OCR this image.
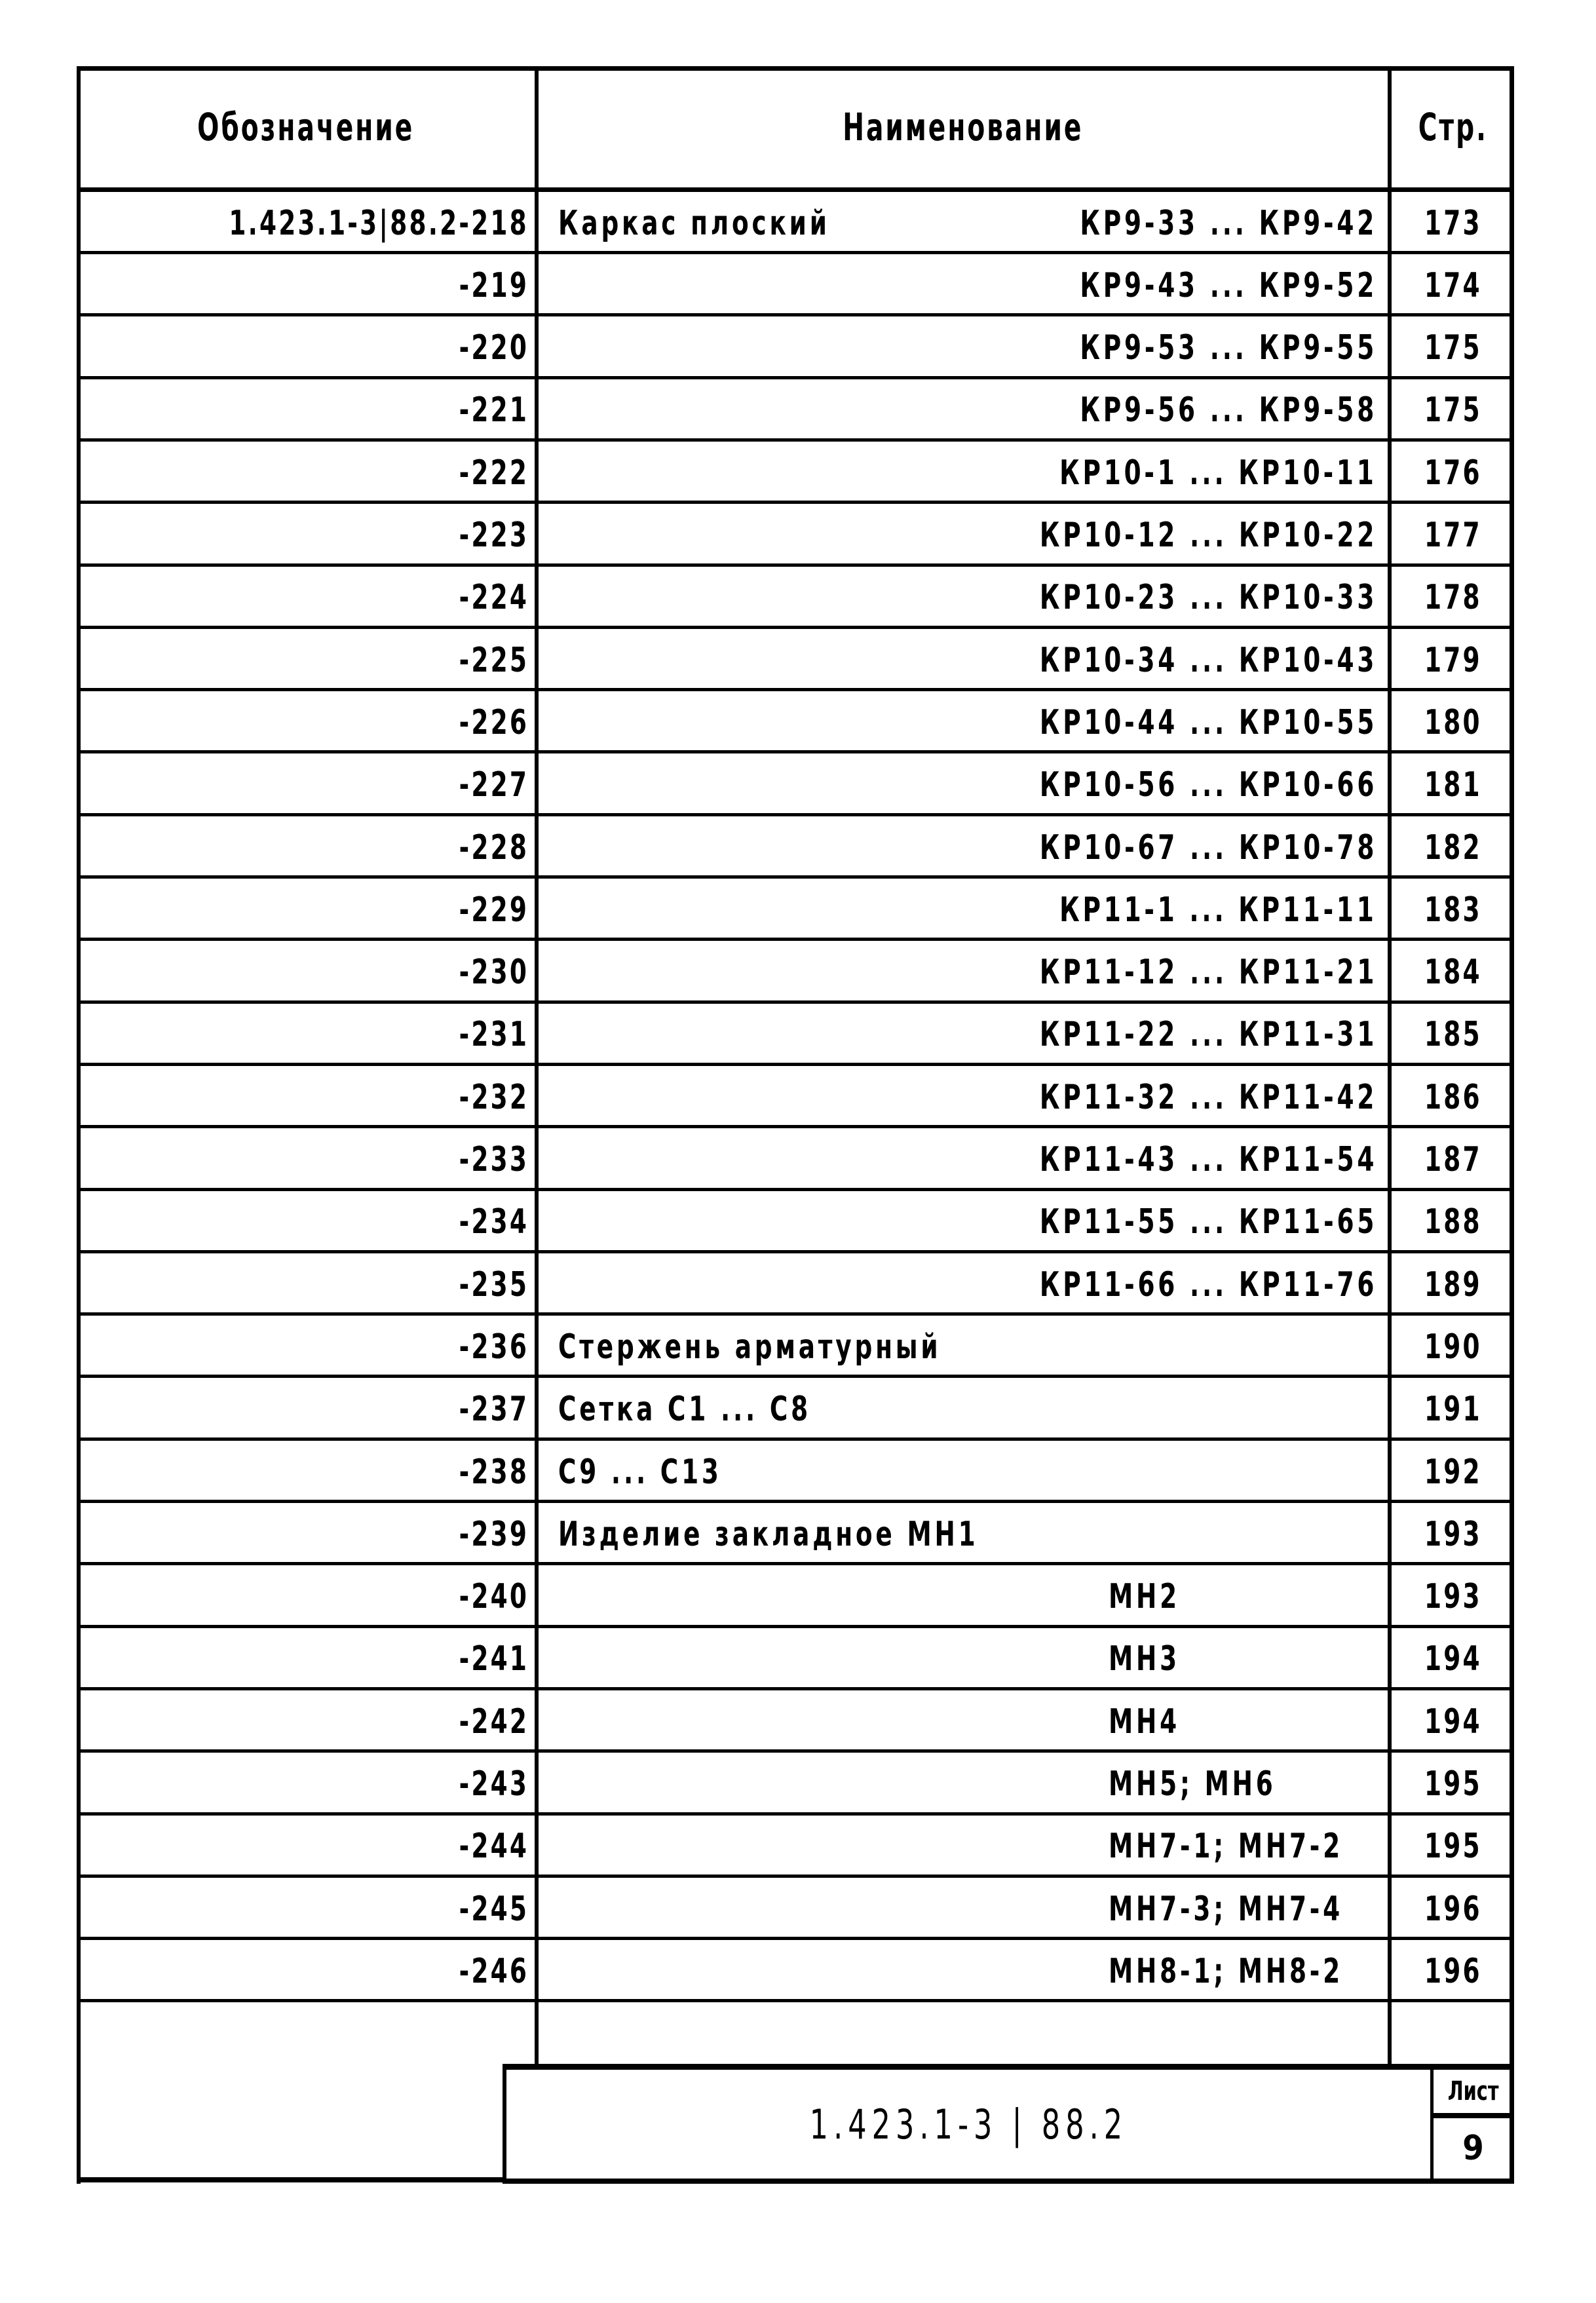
Обозначение	Наименование	Стр.
1.423.1-3|88.2-218 Каркас плоский	КР9-33 ... КР9-42 173
-219	КР9-43 ... КР9-52 174
-220	КР9-53 ... КР9-55 175
-221	КР9-56 ... КР9-58 175
-222	КР10-1 ... КР10-11 176
-223	КР10-12 ... КР10-22 177
-224	КР10-23 ... КР10-33 178
-225	КР10-34 ... КР10-43 179
-226	КР10-44 ... КР10-55 180
-227	КР10-56 ... КР10-66 181
-228	КР10-67 ... КР10-78 182
-229	КР11-1 ... КР11-11 183
-230	КР11-12 ... КР11-21 184
-231	КР11-22 ... КР11-31 185
-232	КР11-32 ... КР11-42 186
-233	КР11-43 ... КР11-54 187
-234	КР11-55 ... КР11-65 188
-235	КР11-66 ... КР11-76 189
-236 Стержень арматурный	190
-237 Сетка С1 ... С8	191
-238 С9 ... С13	192
-239 Изделие закладное МН1	193
-240	МН2	193
-241	МН3	194
-242	МН4	194
-243	МН5; МН6	195
-244	МН7-1; МН7-2 195
-245	МН7-3; МН7-4 196
-246	МН8-1; МН8-2 196
1.423.1-3 | 88.2
Лист
9
